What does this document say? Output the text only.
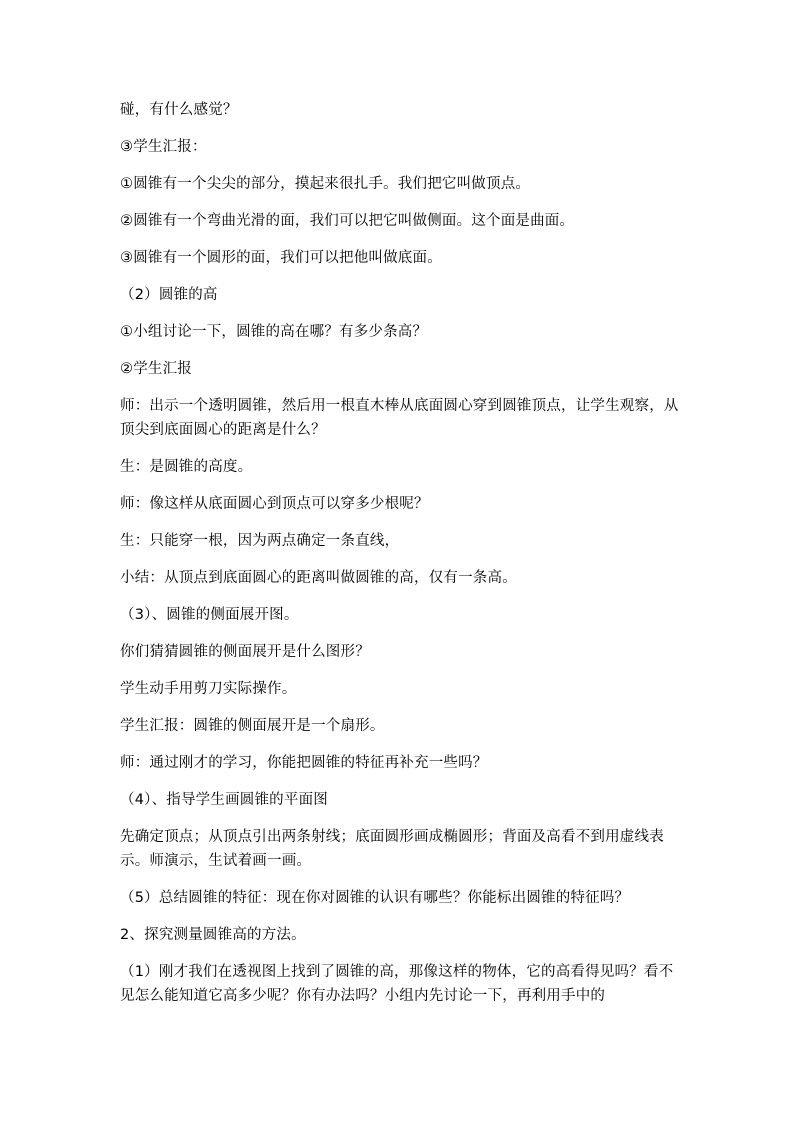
碰，有什么感觉？

③学生汇报：

①圆锥有一个尖尖的部分，摸起来很扎手。我们把它叫做顶点。

②圆锥有一个弯曲光滑的面，我们可以把它叫做侧面。这个面是曲面。

③圆锥有一个圆形的面，我们可以把他叫做底面。

（2）圆锥的高

①小组讨论一下，圆锥的高在哪？有多少条高？

②学生汇报

师：出示一个透明圆锥，然后用一根直木棒从底面圆心穿到圆锥顶点，让学生观察，从顶尖到底面圆心的距离是什么？

生：是圆锥的高度。

师：像这样从底面圆心到顶点可以穿多少根呢？

生：只能穿一根，因为两点确定一条直线，

小结：从顶点到底面圆心的距离叫做圆锥的高，仅有一条高。

（3）、圆锥的侧面展开图。

你们猜猜圆锥的侧面展开是什么图形？

学生动手用剪刀实际操作。

学生汇报：圆锥的侧面展开是一个扇形。

师：通过刚才的学习，你能把圆锥的特征再补充一些吗？

（4）、指导学生画圆锥的平面图

先确定顶点；从顶点引出两条射线；底面圆形画成椭圆形；背面及高看不到用虚线表示。师演示，生试着画一画。

（5）总结圆锥的特征：现在你对圆锥的认识有哪些？你能标出圆锥的特征吗？

2、探究测量圆锥高的方法。

（1）刚才我们在透视图上找到了圆锥的高，那像这样的物体，它的高看得见吗？看不见怎么能知道它高多少呢？你有办法吗？小组内先讨论一下，再利用手中的
